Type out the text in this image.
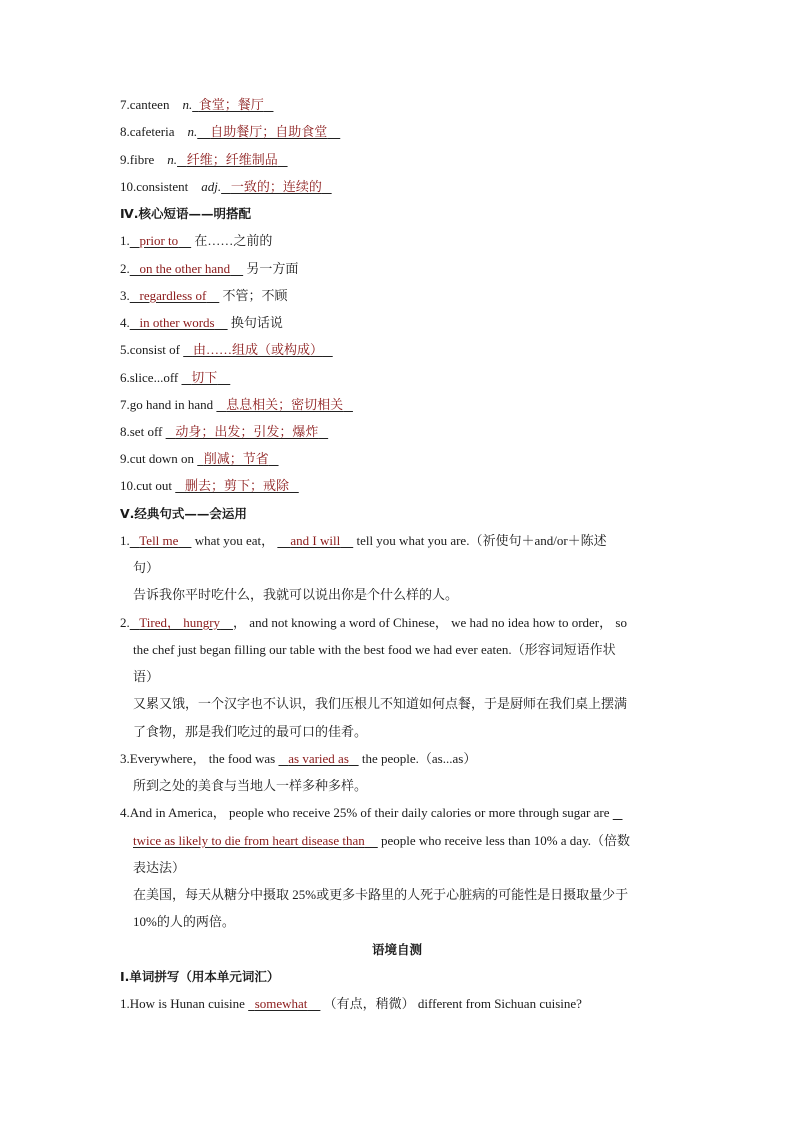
7.canteen n. 食堂；餐厅
8.cafeteria n. 自助餐厅；自助食堂
9.fibre n. 纤维；纤维制品
10.consistent adj. 一致的；连续的
Ⅳ.核心短语——明搭配
1. prior to 在……之前的
2. on the other hand 另一方面
3. regardless of 不管；不顾
4. in other words 换句话说
5.consist of 由……组成（或构成）
6.slice...off 切下
7.go hand in hand 息息相关；密切相关
8.set off 动身；出发；引发；爆炸
9.cut down on 削减；节省
10.cut out 删去；剪下；戒除
Ⅴ.经典句式——会运用
1. Tell me what you eat， and I will tell you what you are.（祈使句＋and/or＋陈述
句）
告诉我你平时吃什么，我就可以说出你是个什么样的人。
2. Tired， hungry ， and not knowing a word of Chinese， we had no idea how to order， so
the chef just began filling our table with the best food we had ever eaten.（形容词短语作状
语）
又累又饿，一个汉字也不认识，我们压根儿不知道如何点餐，于是厨师在我们桌上摆满
了食物，那是我们吃过的最可口的佳肴。
3.Everywhere， the food was as varied as the people.（as...as）
所到之处的美食与当地人一样多种多样。
4.And in America， people who receive 25% of their daily calories or more through sugar are
twice as likely to die from heart disease than people who receive less than 10% a day.（倍数
表达法）
在美国，每天从糖分中摄取 25%或更多卡路里的人死于心脏病的可能性是日摄取量少于
10%的人的两倍。
语境自测
Ⅰ.单词拼写（用本单元词汇）
1.How is Hunan cuisine somewhat （有点，稍微） different from Sichuan cuisine?
